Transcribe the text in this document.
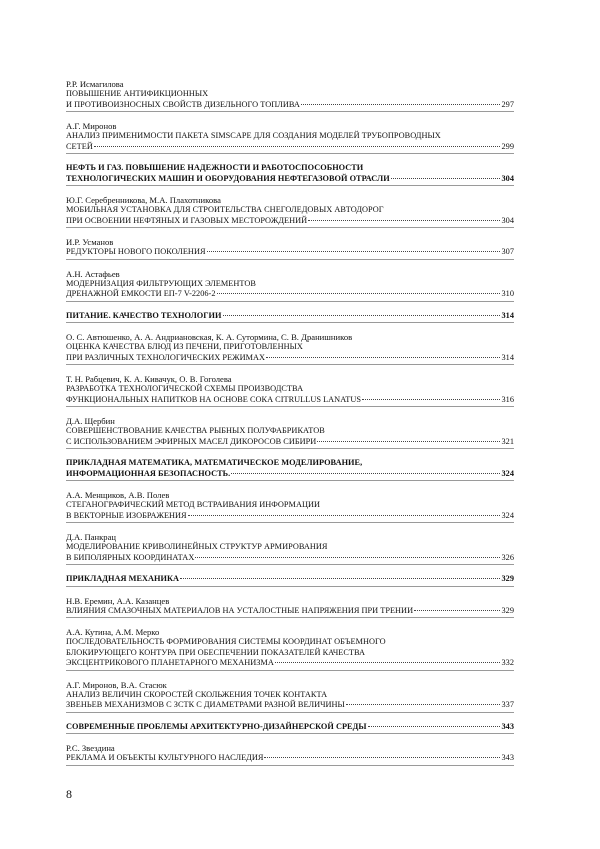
Р.Р. Исмагилова
ПОВЫШЕНИЕ АНТИФИКЦИОННЫХ
И ПРОТИВОИЗНОСНЫХ СВОЙСТВ ДИЗЕЛЬНОГО ТОПЛИВА	297
А.Г. Миронов
АНАЛИЗ ПРИМЕНИМОСТИ ПАКЕТА SIMSCAPE ДЛЯ СОЗДАНИЯ МОДЕЛЕЙ ТРУБОПРОВОДНЫХ
СЕТЕЙ	299
НЕФТЬ И ГАЗ. ПОВЫШЕНИЕ НАДЕЖНОСТИ И РАБОТОСПОСОБНОСТИ
ТЕХНОЛОГИЧЕСКИХ МАШИН И ОБОРУДОВАНИЯ НЕФТЕГАЗОВОЙ ОТРАСЛИ	304
Ю.Г. Серебренникова, М.А. Плахотникова
МОБИЛЬНАЯ УСТАНОВКА ДЛЯ СТРОИТЕЛЬСТВА СНЕГОЛЕДОВЫХ АВТОДОРОГ
ПРИ ОСВОЕНИИ НЕФТЯНЫХ И ГАЗОВЫХ МЕСТОРОЖДЕНИЙ	304
И.Р. Усманов
РЕДУКТОРЫ НОВОГО ПОКОЛЕНИЯ	307
А.Н. Астафьев
МОДЕРНИЗАЦИЯ ФИЛЬТРУЮЩИХ ЭЛЕМЕНТОВ
ДРЕНАЖНОЙ ЕМКОСТИ ЕП-7 V-2206-2	310
ПИТАНИЕ. КАЧЕСТВО ТЕХНОЛОГИИ	314
О. С. Автюшенко, А. А. Андриановская, К. А. Сутормина, С. В. Дранишников
ОЦЕНКА КАЧЕСТВА БЛЮД ИЗ ПЕЧЕНИ, ПРИГОТОВЛЕННЫХ
ПРИ РАЗЛИЧНЫХ ТЕХНОЛОГИЧЕСКИХ РЕЖИМАХ	314
Т. Н. Рабцевич, К. А. Кивачук, О. В. Гоголева
РАЗРАБОТКА ТЕХНОЛОГИЧЕСКОЙ СХЕМЫ ПРОИЗВОДСТВА
ФУНКЦИОНАЛЬНЫХ НАПИТКОВ НА ОСНОВЕ СОКА CITRULLUS LANATUS	316
Д.А. Щербин
СОВЕРШЕНСТВОВАНИЕ КАЧЕСТВА РЫБНЫХ ПОЛУФАБРИКАТОВ
С ИСПОЛЬЗОВАНИЕМ ЭФИРНЫХ МАСЕЛ ДИКОРОСОВ СИБИРИ	321
ПРИКЛАДНАЯ МАТЕМАТИКА, МАТЕМАТИЧЕСКОЕ МОДЕЛИРОВАНИЕ,
ИНФОРМАЦИОННАЯ БЕЗОПАСНОСТЬ.	324
А.А. Менщиков, А.В. Полев
СТЕГАНОГРАФИЧЕСКИЙ МЕТОД ВСТРАИВАНИЯ ИНФОРМАЦИИ
В ВЕКТОРНЫЕ ИЗОБРАЖЕНИЯ	324
Д.А. Панкрац
МОДЕЛИРОВАНИЕ КРИВОЛИНЕЙНЫХ СТРУКТУР АРМИРОВАНИЯ
В БИПОЛЯРНЫХ КООРДИНАТАХ	326
ПРИКЛАДНАЯ МЕХАНИКА	329
Н.В. Еремин, А.А. Казанцев
ВЛИЯНИЯ СМАЗОЧНЫХ МАТЕРИАЛОВ НА УСТАЛОСТНЫЕ НАПРЯЖЕНИЯ ПРИ ТРЕНИИ	329
А.А. Кутина, А.М. Мерко
ПОСЛЕДОВАТЕЛЬНОСТЬ ФОРМИРОВАНИЯ СИСТЕМЫ КООРДИНАТ ОБЪЕМНОГО
БЛОКИРУЮЩЕГО КОНТУРА ПРИ ОБЕСПЕЧЕНИИ ПОКАЗАТЕЛЕЙ КАЧЕСТВА
ЭКСЦЕНТРИКОВОГО ПЛАНЕТАРНОГО МЕХАНИЗМА	332
А.Г. Миронов, В.А. Стасюк
АНАЛИЗ ВЕЛИЧИН СКОРОСТЕЙ СКОЛЬЖЕНИЯ ТОЧЕК КОНТАКТА
ЗВЕНЬЕВ МЕХАНИЗМОВ С ЗСТК С ДИАМЕТРАМИ РАЗНОЙ ВЕЛИЧИНЫ	337
СОВРЕМЕННЫЕ ПРОБЛЕМЫ АРХИТЕКТУРНО-ДИЗАЙНЕРСКОЙ СРЕДЫ	343
Р.С. Звездина
РЕКЛАМА И ОБЪЕКТЫ КУЛЬТУРНОГО НАСЛЕДИЯ	343
8
